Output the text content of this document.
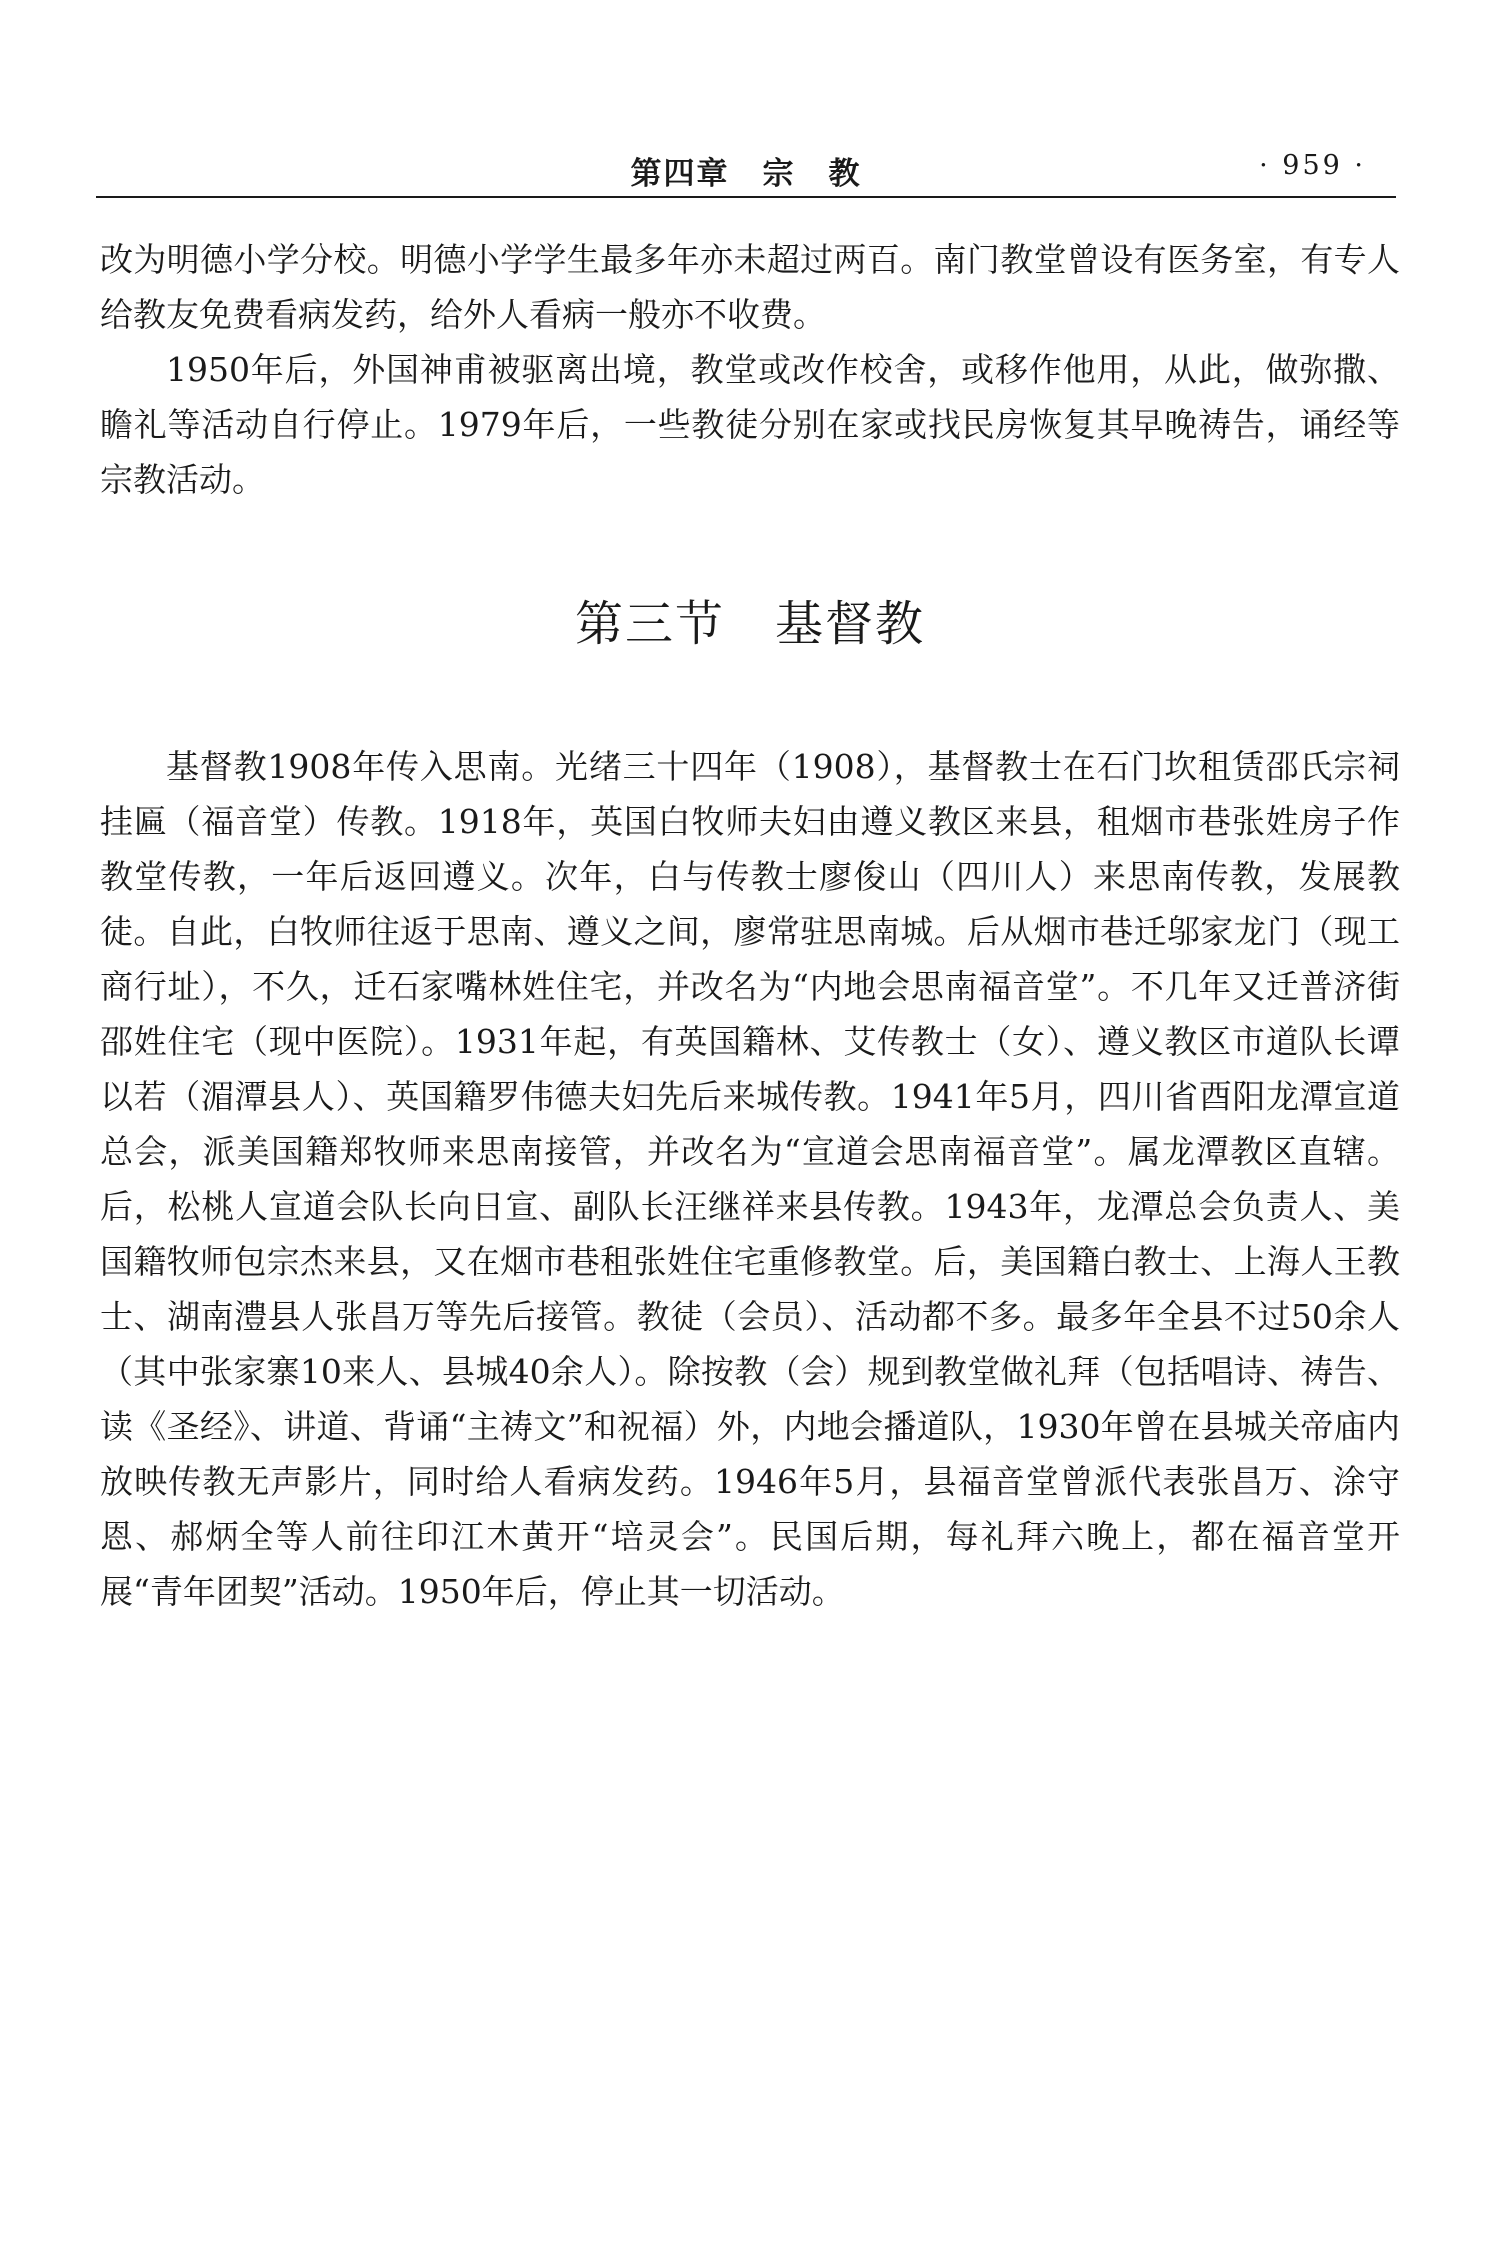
第四章　宗　教	· 959 ·

改为明德小学分校。明德小学学生最多年亦未超过两百。南门教堂曾设有医务室，有专人给教友免费看病发药，给外人看病一般亦不收费。

1950年后，外国神甫被驱离出境，教堂或改作校舍，或移作他用，从此，做弥撒、瞻礼等活动自行停止。1979年后，一些教徒分别在家或找民房恢复其早晚祷告，诵经等宗教活动。

第三节　基督教

基督教1908年传入思南。光绪三十四年（1908），基督教士在石门坎租赁邵氏宗祠挂匾（福音堂）传教。1918年，英国白牧师夫妇由遵义教区来县，租烟市巷张姓房子作教堂传教，一年后返回遵义。次年，白与传教士廖俊山（四川人）来思南传教，发展教徒。自此，白牧师往返于思南、遵义之间，廖常驻思南城。后从烟市巷迁邬家龙门（现工商行址），不久，迁石家嘴林姓住宅，并改名为“内地会思南福音堂”。不几年又迁普济街邵姓住宅（现中医院）。1931年起，有英国籍林、艾传教士（女）、遵义教区市道队长谭以若（湄潭县人）、英国籍罗伟德夫妇先后来城传教。1941年5月，四川省酉阳龙潭宣道总会，派美国籍郑牧师来思南接管，并改名为“宣道会思南福音堂”。属龙潭教区直辖。后，松桃人宣道会队长向日宣、副队长汪继祥来县传教。1943年，龙潭总会负责人、美国籍牧师包宗杰来县，又在烟市巷租张姓住宅重修教堂。后，美国籍白教士、上海人王教士、湖南澧县人张昌万等先后接管。教徒（会员）、活动都不多。最多年全县不过50余人（其中张家寨10来人、县城40余人）。除按教（会）规到教堂做礼拜（包括唱诗、祷告、读《圣经》、讲道、背诵“主祷文”和祝福）外，内地会播道队，1930年曾在县城关帝庙内放映传教无声影片，同时给人看病发药。1946年5月，县福音堂曾派代表张昌万、涂守恩、郝炳全等人前往印江木黄开“培灵会”。民国后期，每礼拜六晚上，都在福音堂开展“青年团契”活动。1950年后，停止其一切活动。
